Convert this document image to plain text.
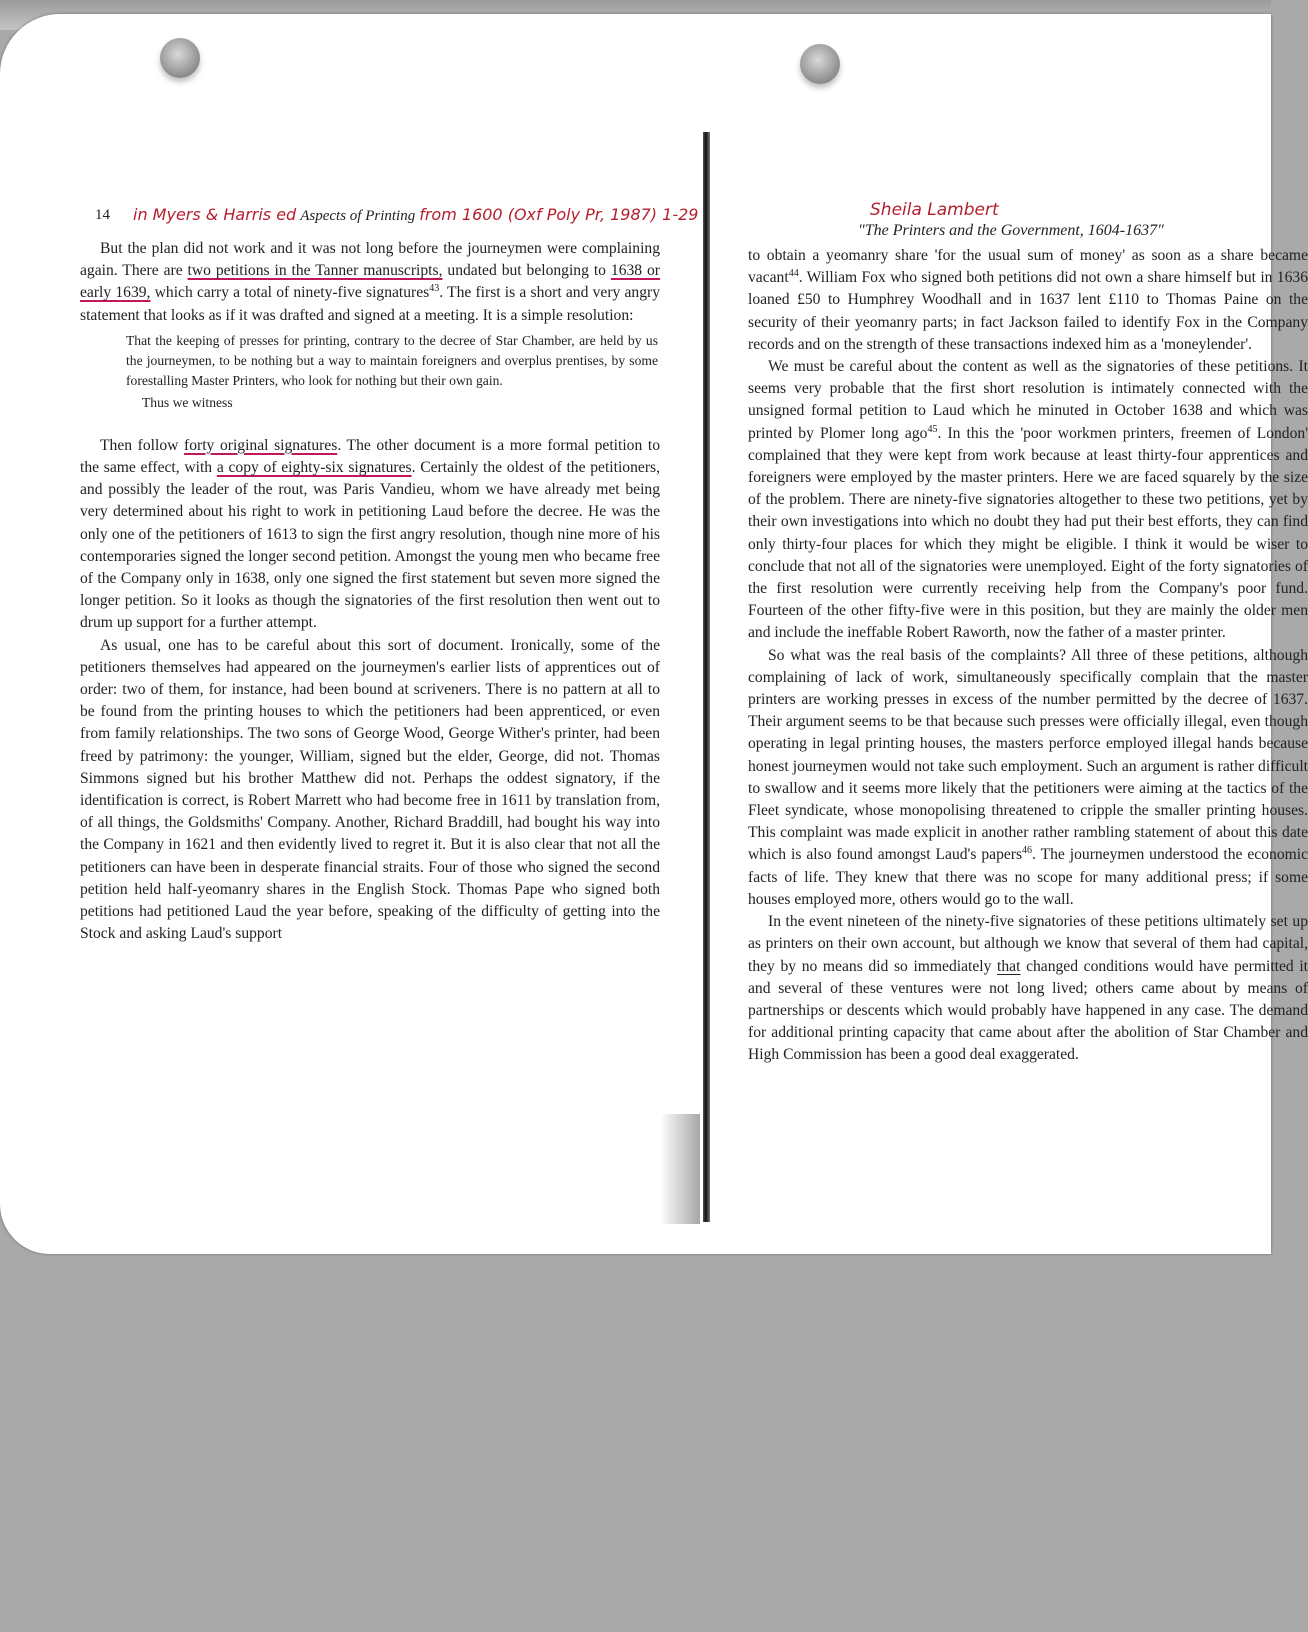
14 in Myers & Harris ed Aspects of Printing from 1600 (Oxf Poly Pr, 1987) 1-29

But the plan did not work and it was not long before the journeymen were complaining again. There are two petitions in the Tanner manuscripts, undated but belonging to 1638 or early 1639, which carry a total of ninety-five signatures$^{43}$. The first is a short and very angry statement that looks as if it was drafted and signed at a meeting. It is a simple resolution:

That the keeping of presses for printing, contrary to the decree of Star Chamber, are held by us the journeymen, to be nothing but a way to maintain foreigners and overplus prentises, by some forestalling Master Printers, who look for nothing but their own gain.
Thus we witness

Then follow forty original signatures. The other document is a more formal petition to the same effect, with a copy of eighty-six signatures. Certainly the oldest of the petitioners, and possibly the leader of the rout, was Paris Vandieu, whom we have already met being very determined about his right to work in petitioning Laud before the decree. He was the only one of the petitioners of 1613 to sign the first angry resolution, though nine more of his contemporaries signed the longer second petition. Amongst the young men who became free of the Company only in 1638, only one signed the first statement but seven more signed the longer petition. So it looks as though the signatories of the first resolution then went out to drum up support for a further attempt.

As usual, one has to be careful about this sort of document. Ironically, some of the petitioners themselves had appeared on the journeymen's earlier lists of apprentices out of order: two of them, for instance, had been bound at scriveners. There is no pattern at all to be found from the printing houses to which the petitioners had been apprenticed, or even from family relationships. The two sons of George Wood, George Wither's printer, had been freed by patrimony: the younger, William, signed but the elder, George, did not. Thomas Simmons signed but his brother Matthew did not. Perhaps the oddest signatory, if the identification is correct, is Robert Marrett who had become free in 1611 by translation from, of all things, the Goldsmiths' Company. Another, Richard Braddill, had bought his way into the Company in 1621 and then evidently lived to regret it. But it is also clear that not all the petitioners can have been in desperate financial straits. Four of those who signed the second petition held half-yeomanry shares in the English Stock. Thomas Pape who signed both petitions had petitioned Laud the year before, speaking of the difficulty of getting into the Stock and asking Laud's support

Sheila Lambert
"The Printers and the Government, 1604-1637"

to obtain a yeomanry share 'for the usual sum of money' as soon as a share became vacant$^{44}$. William Fox who signed both petitions did not own a share himself but in 1636 loaned £50 to Humphrey Woodhall and in 1637 lent £110 to Thomas Paine on the security of their yeomanry parts; in fact Jackson failed to identify Fox in the Company records and on the strength of these transactions indexed him as a 'moneylender'.

We must be careful about the content as well as the signatories of these petitions. It seems very probable that the first short resolution is intimately connected with the unsigned formal petition to Laud which he minuted in October 1638 and which was printed by Plomer long ago$^{45}$. In this the 'poor workmen printers, freemen of London' complained that they were kept from work because at least thirty-four apprentices and foreigners were employed by the master printers. Here we are faced squarely by the size of the problem. There are ninety-five signatories altogether to these two petitions, yet by their own investigations into which no doubt they had put their best efforts, they can find only thirty-four places for which they might be eligible. I think it would be wiser to conclude that not all of the signatories were unemployed. Eight of the forty signatories of the first resolution were currently receiving help from the Company's poor fund. Fourteen of the other fifty-five were in this position, but they are mainly the older men and include the ineffable Robert Raworth, now the father of a master printer.

So what was the real basis of the complaints? All three of these petitions, although complaining of lack of work, simultaneously specifically complain that the master printers are working presses in excess of the number permitted by the decree of 1637. Their argument seems to be that because such presses were officially illegal, even though operating in legal printing houses, the masters perforce employed illegal hands because honest journeymen would not take such employment. Such an argument is rather difficult to swallow and it seems more likely that the petitioners were aiming at the tactics of the Fleet syndicate, whose monopolising threatened to cripple the smaller printing houses. This complaint was made explicit in another rather rambling statement of about this date which is also found amongst Laud's papers$^{46}$. The journeymen understood the economic facts of life. They knew that there was no scope for many additional press; if some houses employed more, others would go to the wall.

In the event nineteen of the ninety-five signatories of these petitions ultimately set up as printers on their own account, but although we know that several of them had capital, they by no means did so immediately that changed conditions would have permitted it and several of these ventures were not long lived; others came about by means of partnerships or descents which would probably have happened in any case. The demand for additional printing capacity that came about after the abolition of Star Chamber and High Commission has been a good deal exaggerated.
